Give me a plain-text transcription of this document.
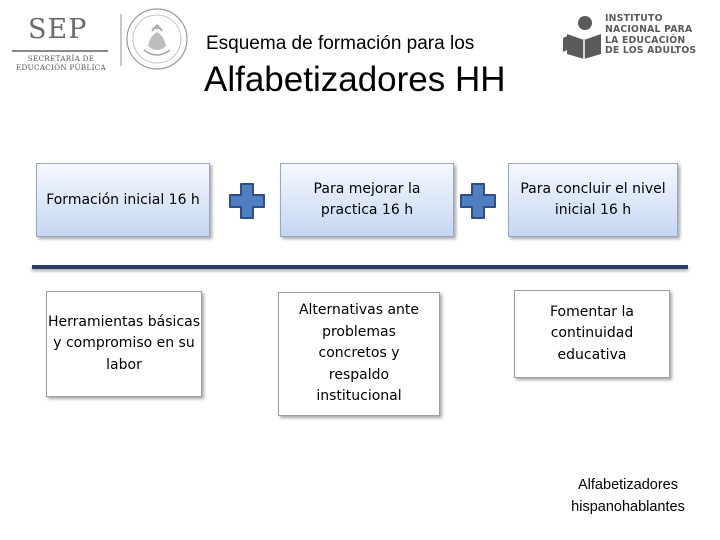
SEP
SECRETARÍA DE
EDUCACIÓN PÚBLICA
INSTITUTO
NACIONAL PARA
LA EDUCACIÓN
DE LOS ADULTOS
Esquema de formación para los
Alfabetizadores HH
Formación inicial 16 h
Para mejorar la practica 16 h
Para concluir el nivel inicial 16 h
Herramientas básicas y compromiso en su labor
Alternativas ante problemas concretos y respaldo institucional
Fomentar la continuidad educativa
Alfabetizadores hispanohablantes
